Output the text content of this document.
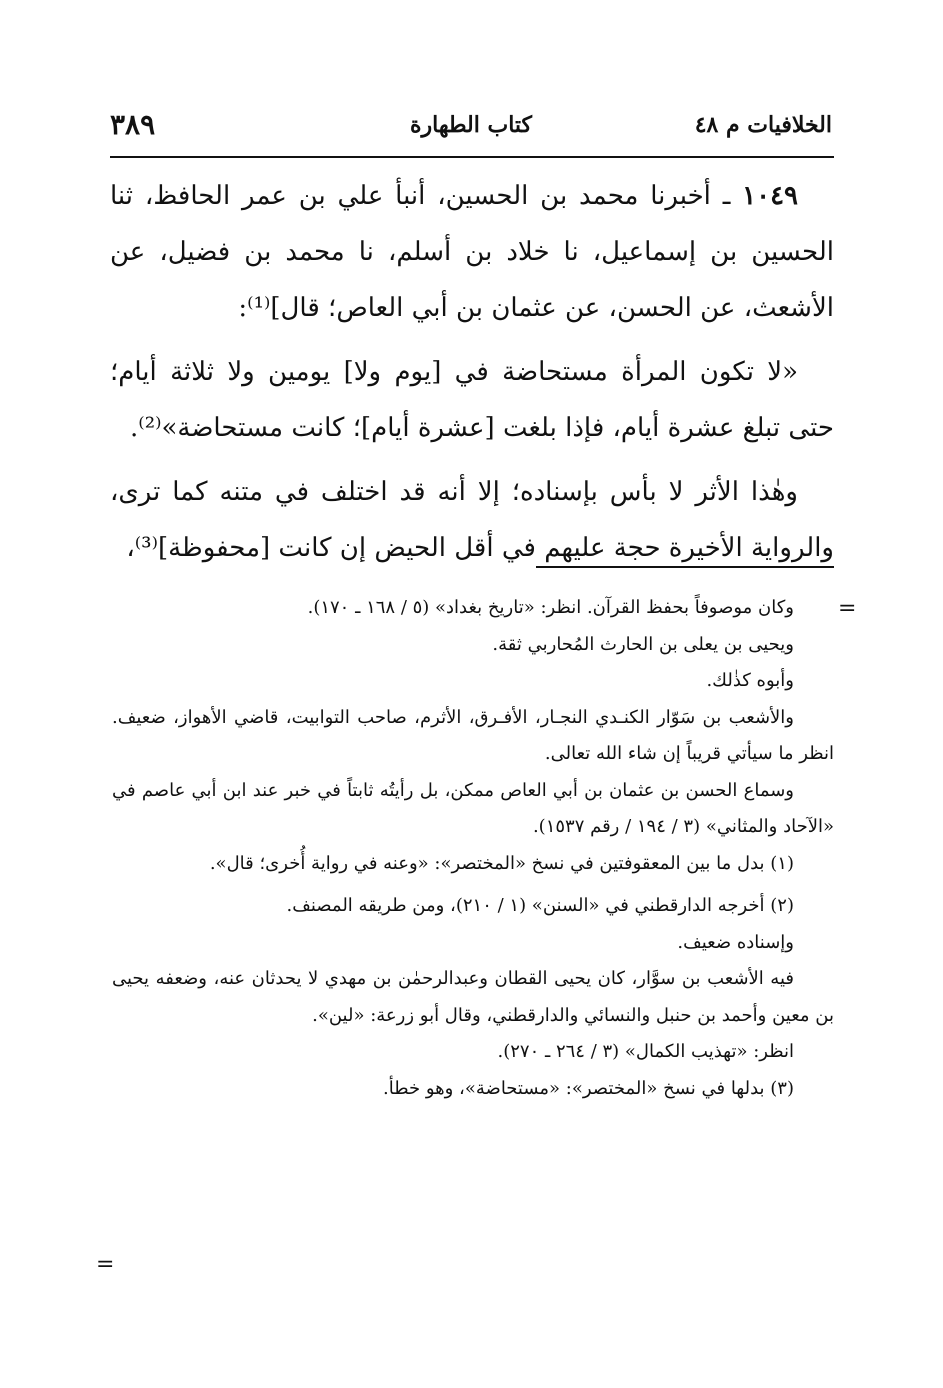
الخلافيات م ٤٨
كتاب الطهارة
٣٨٩

١٠٤٩ ـ أخبرنا محمد بن الحسين، أنبأ علي بن عمر الحافظ، ثنا الحسين بن إسماعيل، نا خلاد بن أسلم، نا محمد بن فضيل، عن الأشعث، عن الحسن، عن عثمان بن أبي العاص؛ قال]⁽¹⁾:

«لا تكون المرأة مستحاضة في [يوم ولا] يومين ولا ثلاثة أيام؛ حتى تبلغ عشرة أيام، فإذا بلغت [عشرة أيام]؛ كانت مستحاضة»⁽²⁾.

وهٰذا الأثر لا بأس بإسناده؛ إلا أنه قد اختلف في متنه كما ترى، والرواية الأخيرة حجة عليهم في أقل الحيض إن كانت [محفوظة]⁽³⁾،

=

وكان موصوفاً بحفظ القرآن. انظر: «تاريخ بغداد» (٥ / ١٦٨ ـ ١٧٠).

ويحيى بن يعلى بن الحارث المُحاربي ثقة.

وأبوه كذٰلك.

والأشعب بن سَوّار الكنـدي النجـار، الأفـرق، الأثرم، صاحب التوابيت، قاضي الأهواز، ضعيف. انظر ما سيأتي قريباً إن شاء الله تعالى.

وسماع الحسن بن عثمان بن أبي العاص ممكن، بل رأيتُه ثابتاً في خبر عند ابن أبي عاصم في «الآحاد والمثاني» (٣ / ١٩٤ / رقم ١٥٣٧).

(١) بدل ما بين المعقوفتين في نسخ «المختصر»: «وعنه في رواية أُخرى؛ قال».

(٢) أخرجه الدارقطني في «السنن» (١ / ٢١٠)، ومن طريقه المصنف.

وإسناده ضعيف.

فيه الأشعب بن سوَّار، كان يحيى القطان وعبدالرحمٰن بن مهدي لا يحدثان عنه، وضعفه يحيى بن معين وأحمد بن حنبل والنسائي والدارقطني، وقال أبو زرعة: «لين».

انظر: «تهذيب الكمال» (٣ / ٢٦٤ ـ ٢٧٠).

(٣) بدلها في نسخ «المختصر»: «مستحاضة»، وهو خطأ.

=
